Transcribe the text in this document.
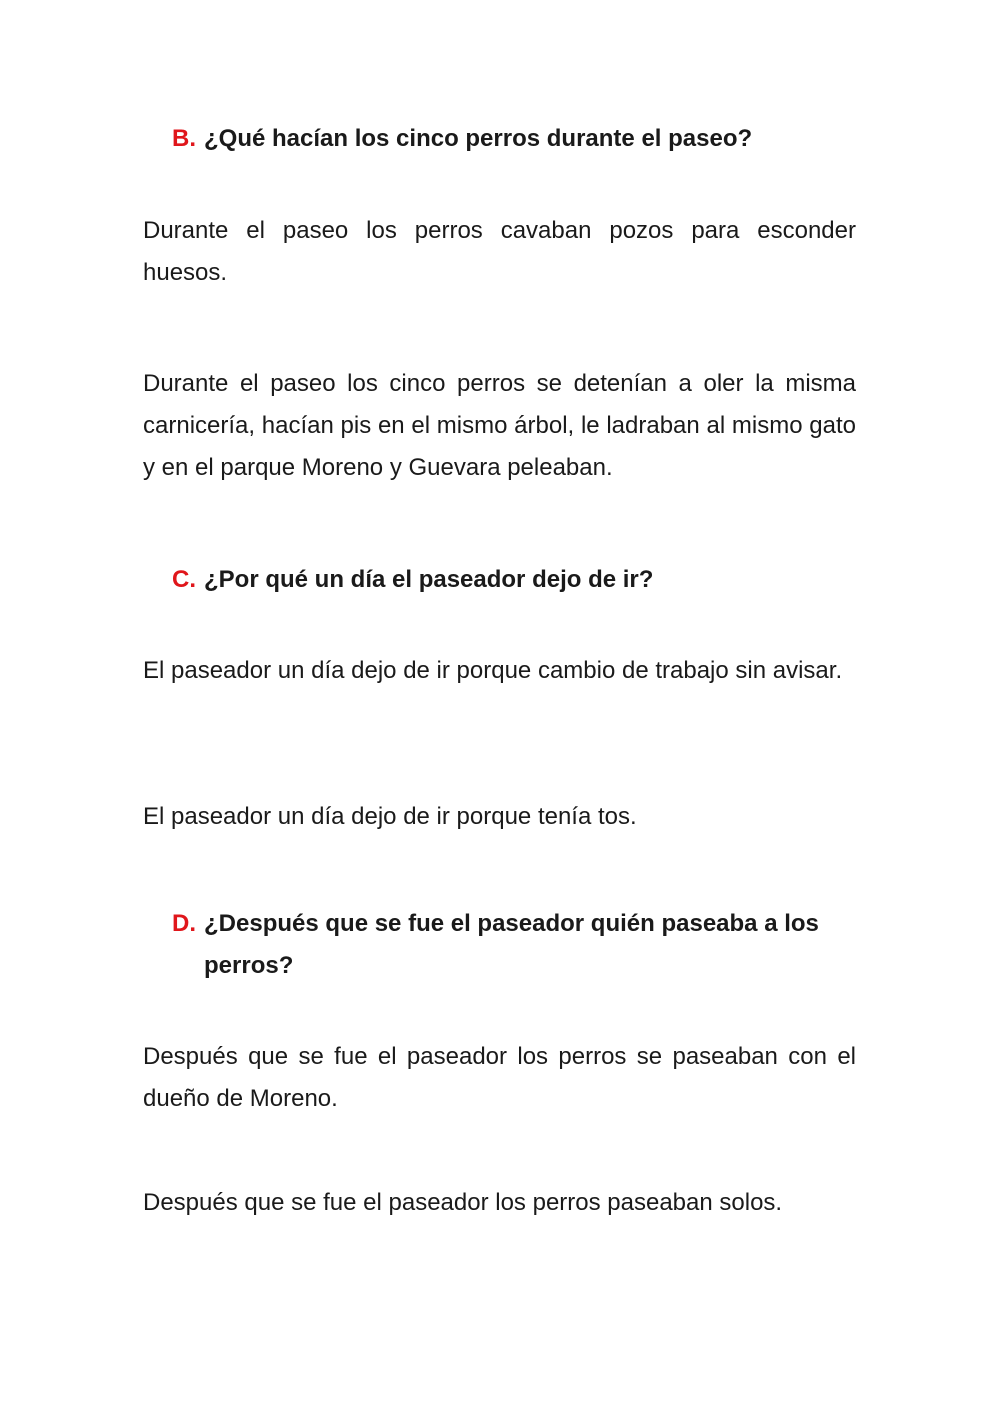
B. ¿Qué hacían los cinco perros durante el paseo?

Durante el paseo los perros cavaban pozos para esconder huesos.

Durante el paseo los cinco perros se detenían a oler la misma carnicería, hacían pis en el mismo árbol, le ladraban al mismo gato y en el parque Moreno y Guevara peleaban.

C. ¿Por qué un día el paseador dejo de ir?

El paseador un día dejo de ir porque cambio de trabajo sin avisar.

El paseador un día dejo de ir porque tenía tos.

D. ¿Después que se fue el paseador quién paseaba a los perros?

Después que se fue el paseador los perros se paseaban con el dueño de Moreno.

Después que se fue el paseador los perros paseaban solos.
